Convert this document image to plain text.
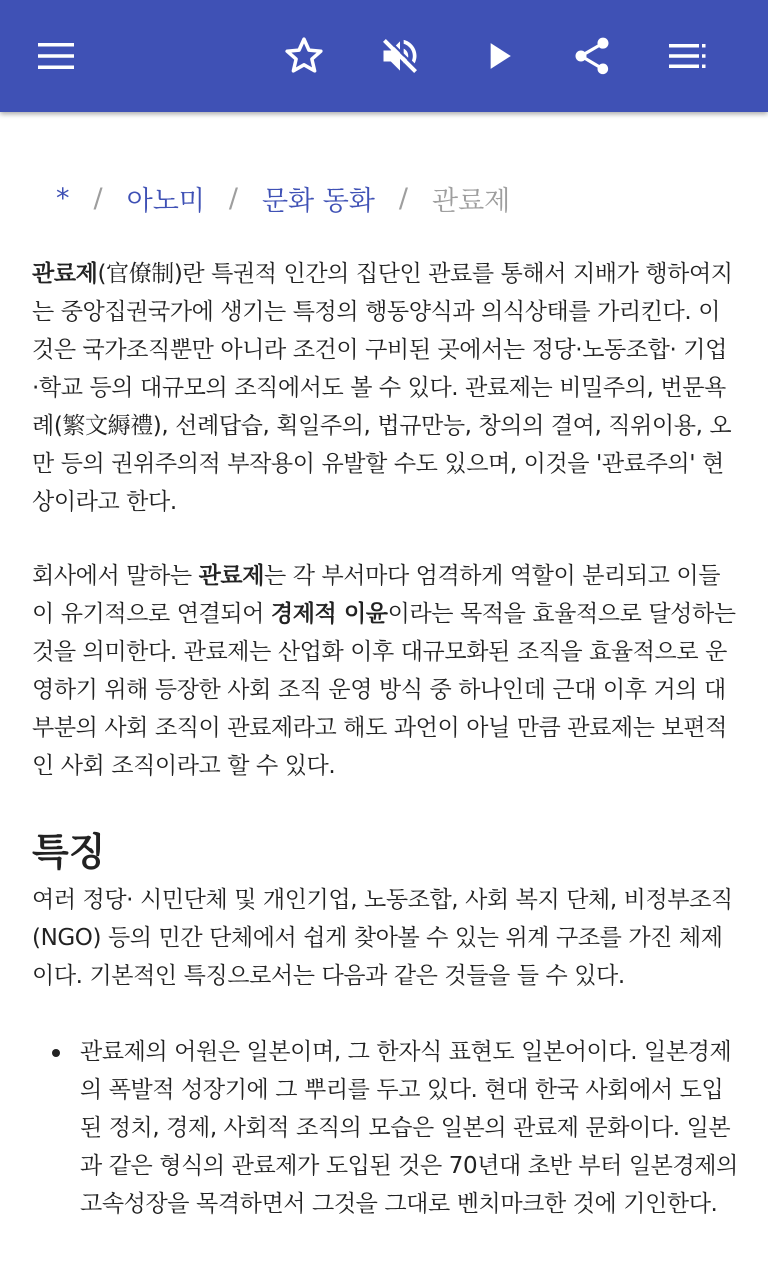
* / 아노미 / 문화 동화 / 관료제

관료제(官僚制)란 특권적 인간의 집단인 관료를 통해서 지배가 행하여지는 중앙집권국가에 생기는 특정의 행동양식과 의식상태를 가리킨다. 이것은 국가조직뿐만 아니라 조건이 구비된 곳에서는 정당·노동조합· 기업 ·학교 등의 대규모의 조직에서도 볼 수 있다. 관료제는 비밀주의, 번문욕례(繁文縟禮), 선례답습, 획일주의, 법규만능, 창의의 결여, 직위이용, 오만 등의 권위주의적 부작용이 유발할 수도 있으며, 이것을 '관료주의' 현상이라고 한다.

회사에서 말하는 관료제는 각 부서마다 엄격하게 역할이 분리되고 이들이 유기적으로 연결되어 경제적 이윤이라는 목적을 효율적으로 달성하는 것을 의미한다. 관료제는 산업화 이후 대규모화된 조직을 효율적으로 운영하기 위해 등장한 사회 조직 운영 방식 중 하나인데 근대 이후 거의 대부분의 사회 조직이 관료제라고 해도 과언이 아닐 만큼 관료제는 보편적인 사회 조직이라고 할 수 있다.

특징

여러 정당· 시민단체 및 개인기업, 노동조합, 사회 복지 단체, 비정부조직(NGO) 등의 민간 단체에서 쉽게 찾아볼 수 있는 위계 구조를 가진 체제이다. 기본적인 특징으로서는 다음과 같은 것들을 들 수 있다.

관료제의 어원은 일본이며, 그 한자식 표현도 일본어이다. 일본경제의 폭발적 성장기에 그 뿌리를 두고 있다. 현대 한국 사회에서 도입된 정치, 경제, 사회적 조직의 모습은 일본의 관료제 문화이다. 일본과 같은 형식의 관료제가 도입된 것은 70년대 초반 부터 일본경제의 고속성장을 목격하면서 그것을 그대로 벤치마크한 것에 기인한다.
